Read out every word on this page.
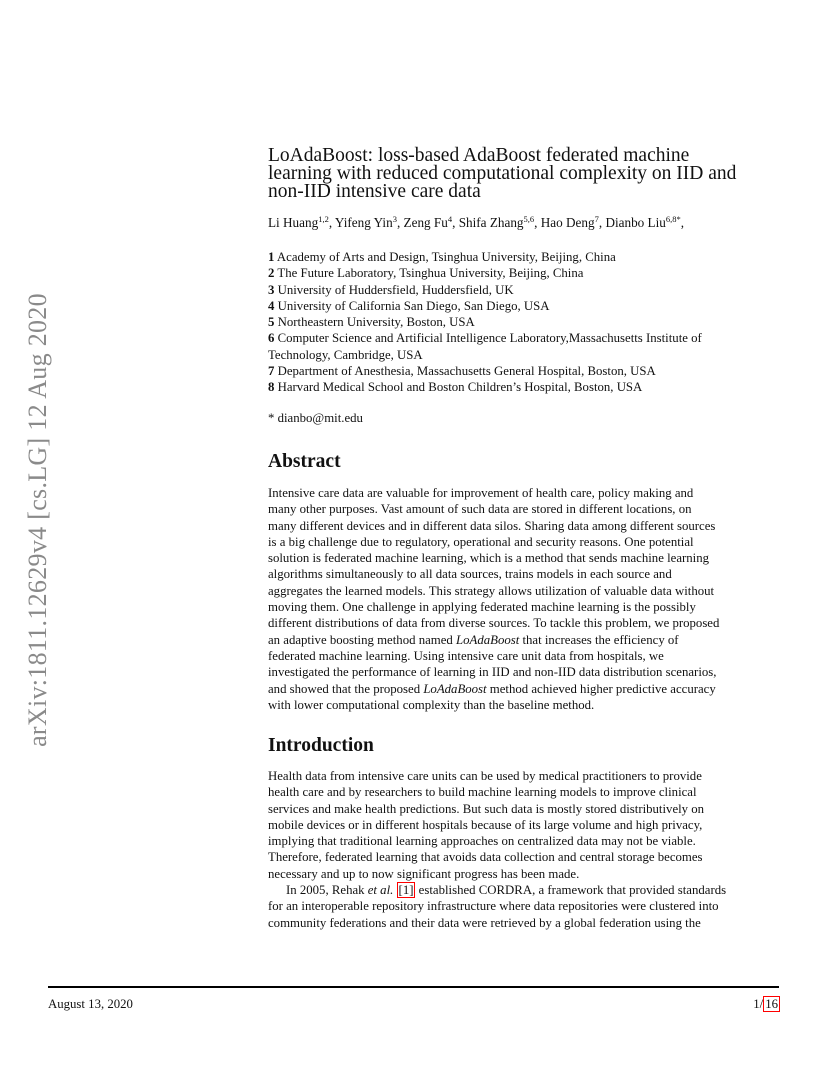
arXiv:1811.12629v4 [cs.LG] 12 Aug 2020
LoAdaBoost: loss-based AdaBoost federated machine
learning with reduced computational complexity on IID and
non-IID intensive care data
Li Huang$^{1,2}$, Yifeng Yin$^3$, Zeng Fu$^4$, Shifa Zhang$^{5,6}$, Hao Deng$^7$, Dianbo Liu$^{6,8*}$,
1 Academy of Arts and Design, Tsinghua University, Beijing, China
2 The Future Laboratory, Tsinghua University, Beijing, China
3 University of Huddersfield, Huddersfield, UK
4 University of California San Diego, San Diego, USA
5 Northeastern University, Boston, USA
6 Computer Science and Artificial Intelligence Laboratory,Massachusetts Institute of
Technology, Cambridge, USA
7 Department of Anesthesia, Massachusetts General Hospital, Boston, USA
8 Harvard Medical School and Boston Children’s Hospital, Boston, USA
* dianbo@mit.edu
Abstract
Intensive care data are valuable for improvement of health care, policy making and
many other purposes. Vast amount of such data are stored in different locations, on
many different devices and in different data silos. Sharing data among different sources
is a big challenge due to regulatory, operational and security reasons. One potential
solution is federated machine learning, which is a method that sends machine learning
algorithms simultaneously to all data sources, trains models in each source and
aggregates the learned models. This strategy allows utilization of valuable data without
moving them. One challenge in applying federated machine learning is the possibly
different distributions of data from diverse sources. To tackle this problem, we proposed
an adaptive boosting method named LoAdaBoost that increases the efficiency of
federated machine learning. Using intensive care unit data from hospitals, we
investigated the performance of learning in IID and non-IID data distribution scenarios,
and showed that the proposed LoAdaBoost method achieved higher predictive accuracy
with lower computational complexity than the baseline method.
Introduction
Health data from intensive care units can be used by medical practitioners to provide
health care and by researchers to build machine learning models to improve clinical
services and make health predictions. But such data is mostly stored distributively on
mobile devices or in different hospitals because of its large volume and high privacy,
implying that traditional learning approaches on centralized data may not be viable.
Therefore, federated learning that avoids data collection and central storage becomes
necessary and up to now significant progress has been made.
In 2005, Rehak et al. [1] established CORDRA, a framework that provided standards
for an interoperable repository infrastructure where data repositories were clustered into
community federations and their data were retrieved by a global federation using the
August 13, 2020	1/ 16
